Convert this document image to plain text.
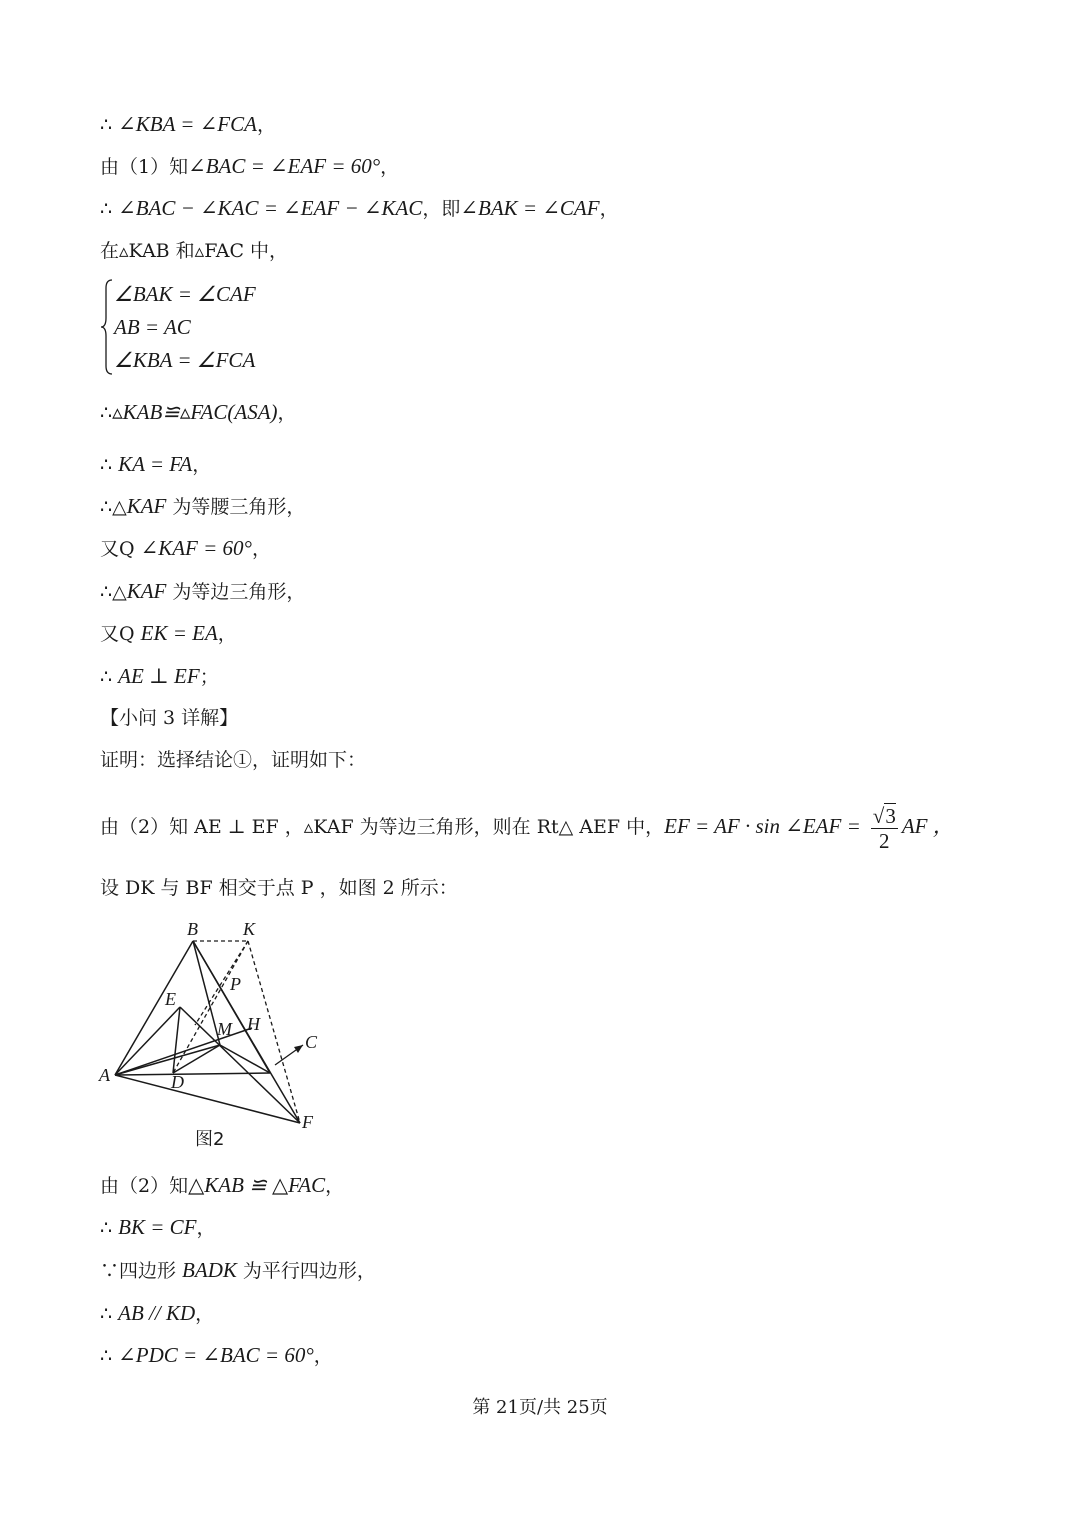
∴ ∠KBA = ∠FCA，
由（1）知∠BAC = ∠EAF = 60°，
∴ ∠BAC − ∠KAC = ∠EAF − ∠KAC，即∠BAK = ∠CAF，
在▵KAB 和▵FAC 中，
∠BAK = ∠CAF
AB = AC
∠KBA = ∠FCA
∴▵KAB≌▵FAC(ASA)，
∴ KA = FA，
∴△KAF 为等腰三角形，
又Q ∠KAF = 60°，
∴△KAF 为等边三角形，
又Q EK = EA，
∴ AE ⊥ EF；
【小问 3 详解】
证明：选择结论①，证明如下：
由（2）知 AE ⊥ EF ，▵KAF 为等边三角形，则在 Rt△ AEF 中，EF = AF · sin ∠EAF = $\frac{√3}{2}$ AF ，
设 DK 与 BF 相交于点 P ，如图 2 所示：
B	K
E
P
M H
C
A	D
F
图2
由（2）知△KAB ≌ △FAC，
∴ BK = CF，
∵四边形 BADK 为平行四边形，
∴ AB // KD，
∴ ∠PDC = ∠BAC = 60°，
第 21页/共 25页
